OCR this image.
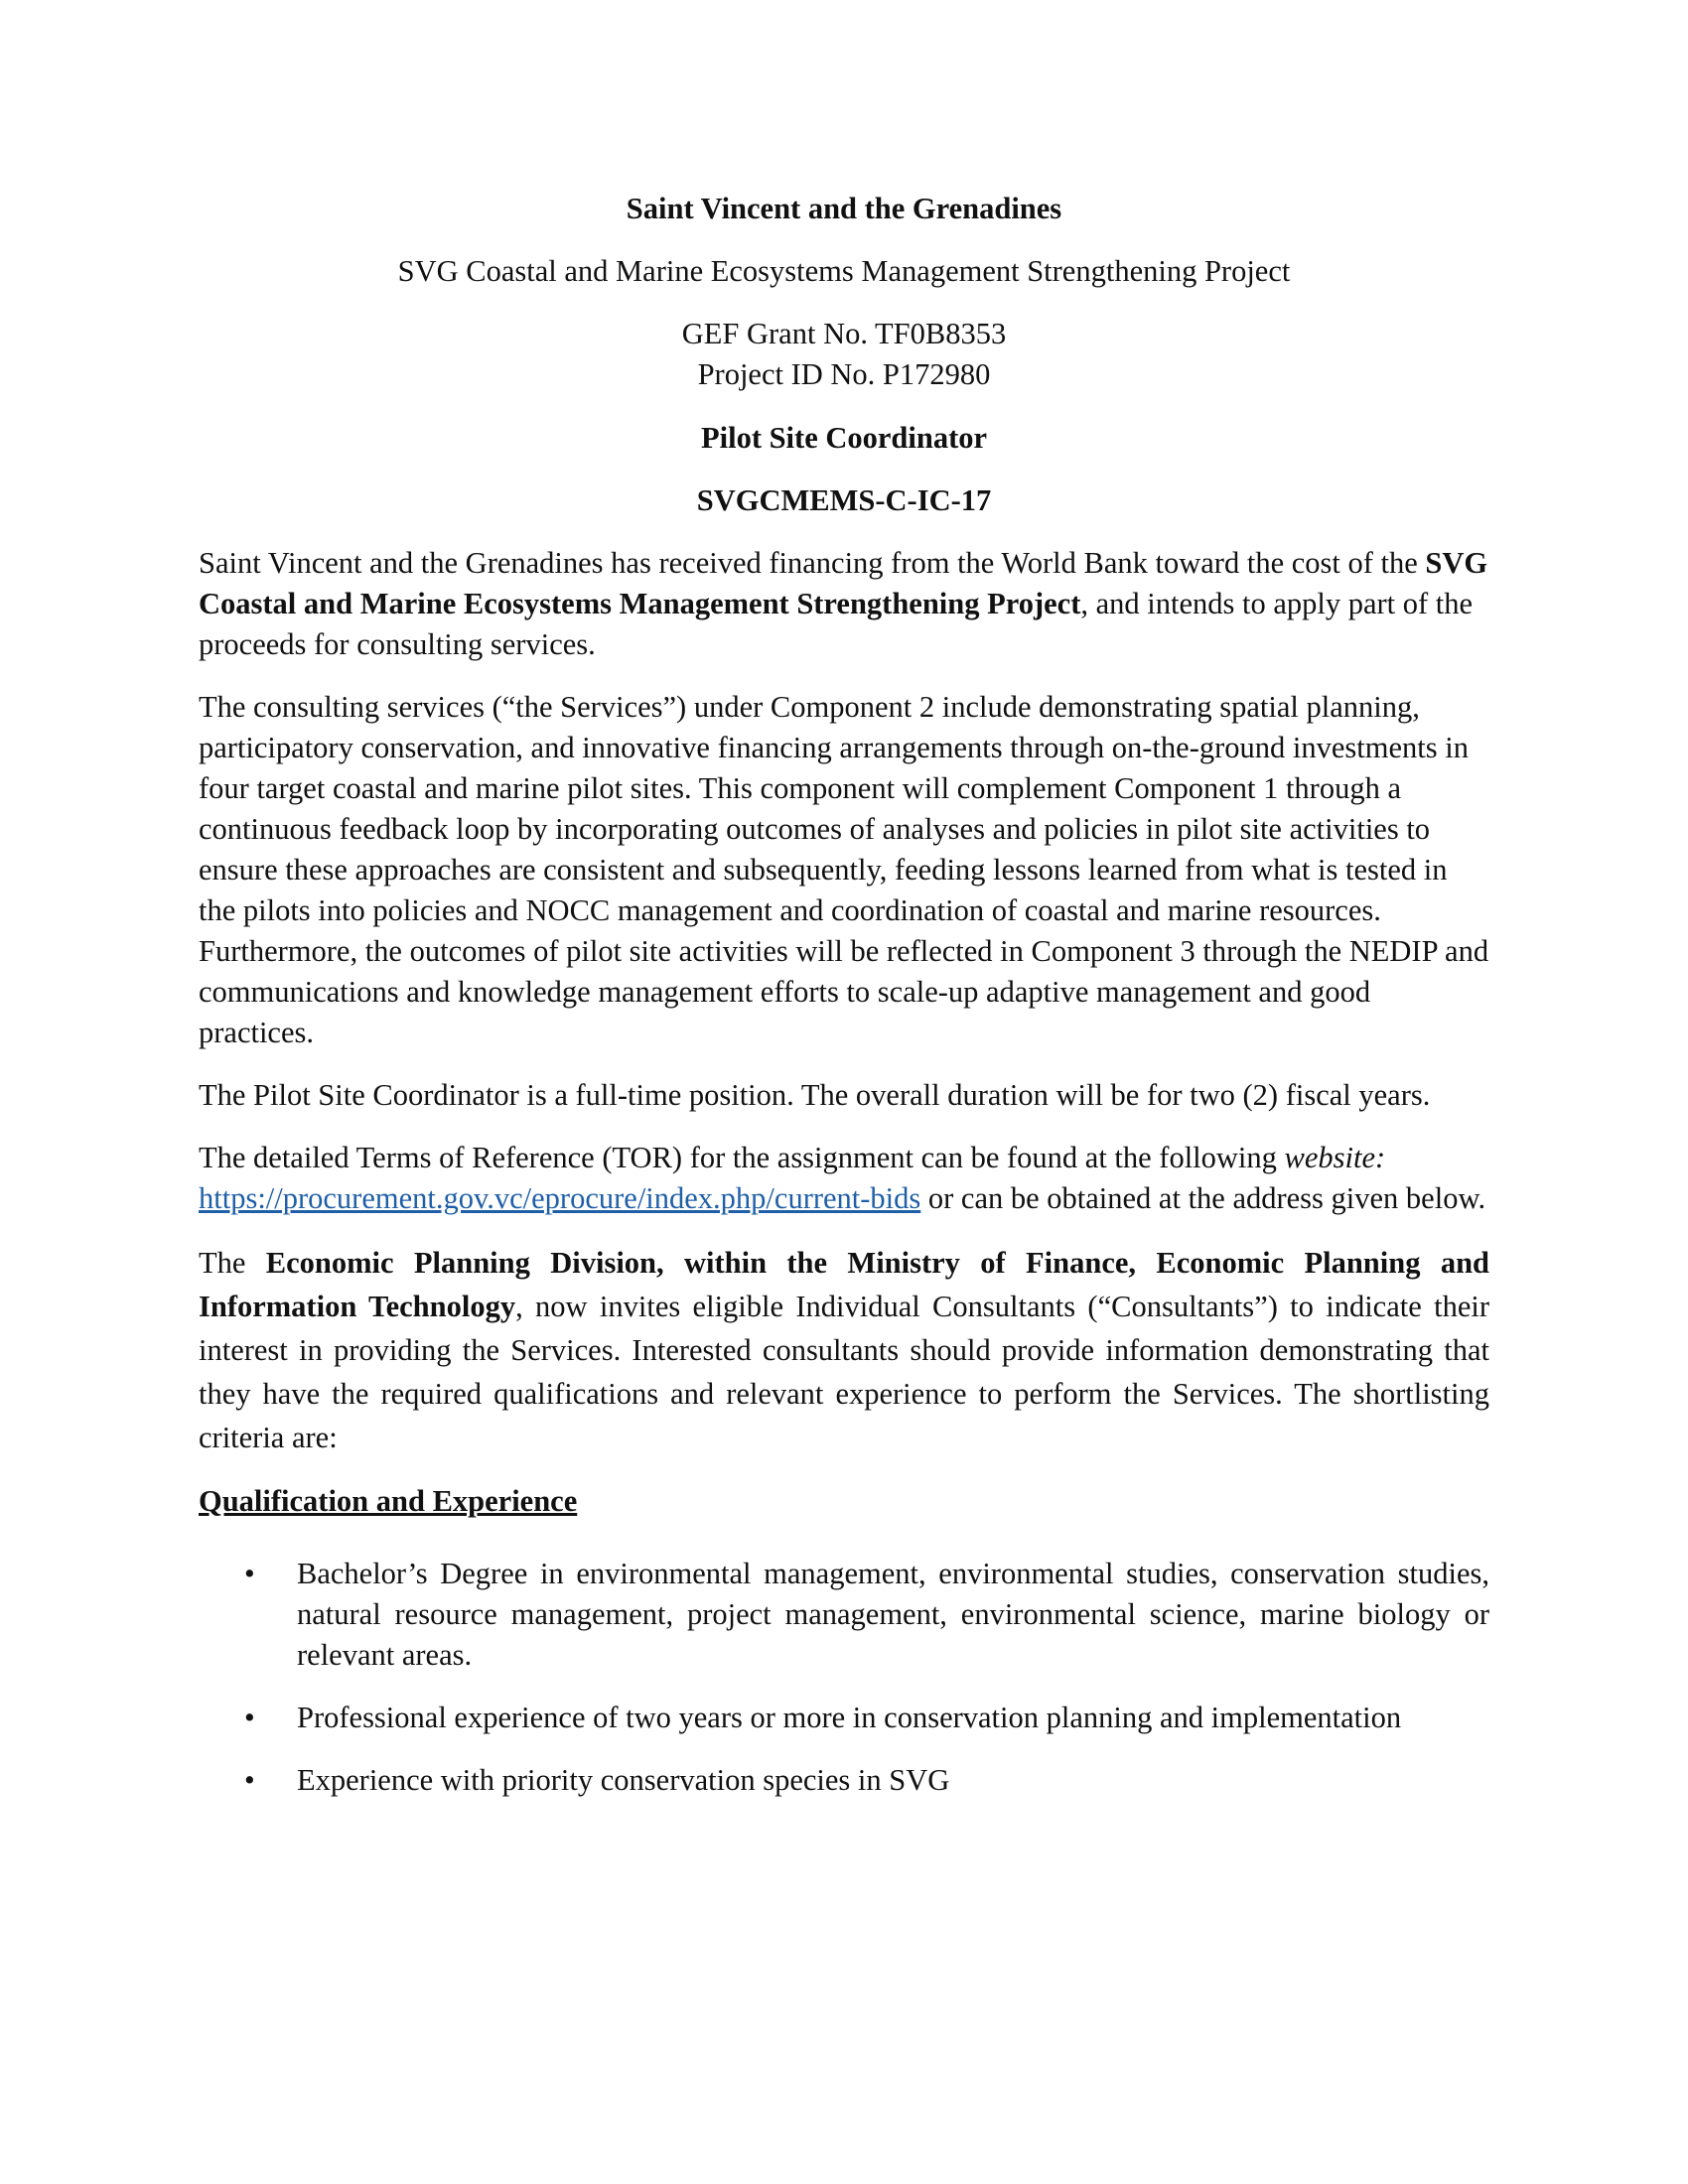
Saint Vincent and the Grenadines

SVG Coastal and Marine Ecosystems Management Strengthening Project

GEF Grant No. TF0B8353

Project ID No. P172980

Pilot Site Coordinator

SVGCMEMS-C-IC-17

Saint Vincent and the Grenadines has received financing from the World Bank toward the cost of the SVG Coastal and Marine Ecosystems Management Strengthening Project, and intends to apply part of the proceeds for consulting services.

The consulting services (“the Services”) under Component 2 include demonstrating spatial planning, participatory conservation, and innovative financing arrangements through on-the-ground investments in four target coastal and marine pilot sites. This component will complement Component 1 through a continuous feedback loop by incorporating outcomes of analyses and policies in pilot site activities to ensure these approaches are consistent and subsequently, feeding lessons learned from what is tested in the pilots into policies and NOCC management and coordination of coastal and marine resources. Furthermore, the outcomes of pilot site activities will be reflected in Component 3 through the NEDIP and communications and knowledge management efforts to scale-up adaptive management and good practices.

The Pilot Site Coordinator is a full-time position. The overall duration will be for two (2) fiscal years.

The detailed Terms of Reference (TOR) for the assignment can be found at the following website: https://procurement.gov.vc/eprocure/index.php/current-bids or can be obtained at the address given below.

The Economic Planning Division, within the Ministry of Finance, Economic Planning and Information Technology, now invites eligible Individual Consultants (“Consultants”) to indicate their interest in providing the Services. Interested consultants should provide information demonstrating that they have the required qualifications and relevant experience to perform the Services. The shortlisting criteria are:

Qualification and Experience

• Bachelor’s Degree in environmental management, environmental studies, conservation studies, natural resource management, project management, environmental science, marine biology or relevant areas.
• Professional experience of two years or more in conservation planning and implementation
• Experience with priority conservation species in SVG
